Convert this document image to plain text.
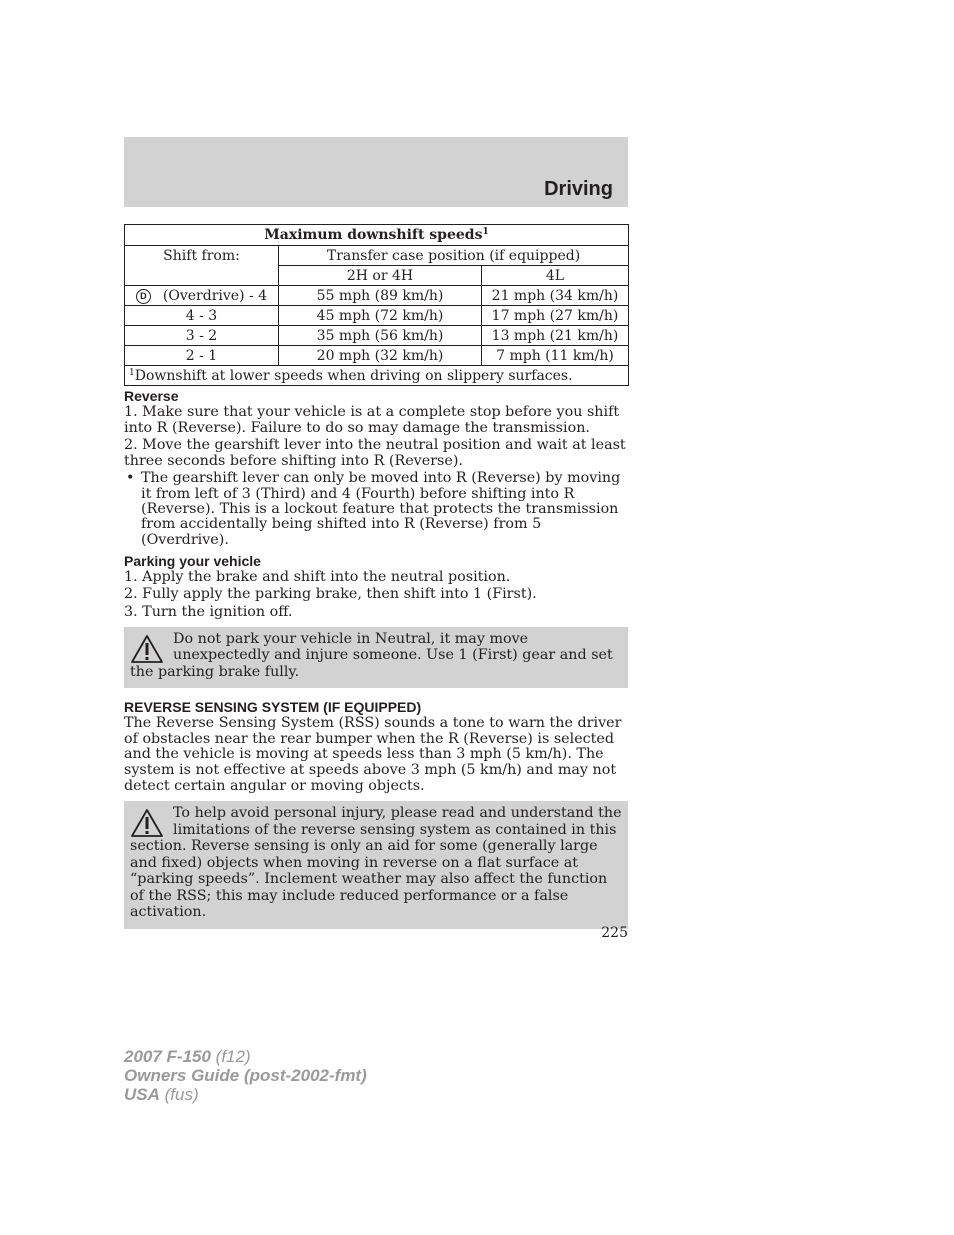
Driving
Maximum downshift speeds$^1$
Shift from:	Transfer case position (if equipped)	
	2H or 4H	4L
D (Overdrive) - 4	55 mph (89 km/h)	21 mph (34 km/h)
4 - 3	45 mph (72 km/h)	17 mph (27 km/h)
3 - 2	35 mph (56 km/h)	13 mph (21 km/h)
2 - 1	20 mph (32 km/h)	7 mph (11 km/h)
$^1$Downshift at lower speeds when driving on slippery surfaces.		
Reverse

1. Make sure that your vehicle is at a complete stop before you shift into R (Reverse). Failure to do so may damage the transmission.

2. Move the gearshift lever into the neutral position and wait at least three seconds before shifting into R (Reverse).

• The gearshift lever can only be moved into R (Reverse) by moving it from left of 3 (Third) and 4 (Fourth) before shifting into R (Reverse). This is a lockout feature that protects the transmission from accidentally being shifted into R (Reverse) from 5 (Overdrive).
Parking your vehicle

1. Apply the brake and shift into the neutral position.

2. Fully apply the parking brake, then shift into 1 (First).

3. Turn the ignition off.

Do not park your vehicle in Neutral, it may move unexpectedly and injure someone. Use 1 (First) gear and set the parking brake fully.
REVERSE SENSING SYSTEM (IF EQUIPPED)

The Reverse Sensing System (RSS) sounds a tone to warn the driver of obstacles near the rear bumper when the R (Reverse) is selected and the vehicle is moving at speeds less than 3 mph (5 km/h). The system is not effective at speeds above 3 mph (5 km/h) and may not detect certain angular or moving objects.

To help avoid personal injury, please read and understand the limitations of the reverse sensing system as contained in this section. Reverse sensing is only an aid for some (generally large and fixed) objects when moving in reverse on a flat surface at “parking speeds”. Inclement weather may also affect the function of the RSS; this may include reduced performance or a false activation.
225
2007 F-150 (f12)
Owners Guide (post-2002-fmt)
USA (fus)
